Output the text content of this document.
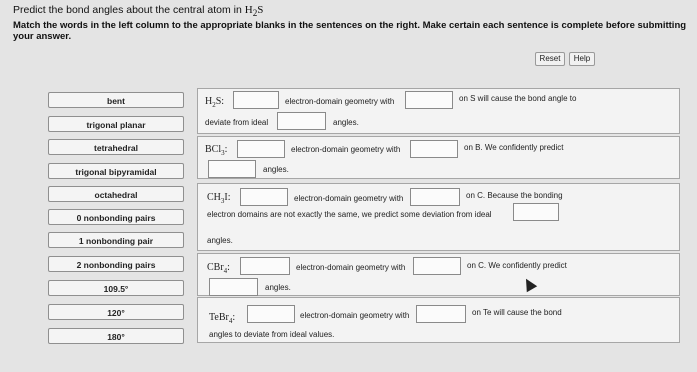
Predict the bond angles about the central atom in $H_2S$
Match the words in the left column to the appropriate blanks in the sentences on the right. Make certain each sentence is complete before submitting your answer.
Reset	Help
bent
trigonal planar
tetrahedral
trigonal bipyramidal
octahedral
0 nonbonding pairs
1 nonbonding pair
2 nonbonding pairs
109.5°
120°
180°
$H_2S$:	electron-domain geometry with	on S will cause the bond angle to
deviate from ideal	angles.
BCl$_3$:	electron-domain geometry with	on B. We confidently predict
angles.
$CH_3I$:	electron-domain geometry with	on C. Because the bonding
electron domains are not exactly the same, we predict some deviation from ideal
angles.
CBr$_4$:	electron-domain geometry with	on C. We confidently predict
angles.
TeBr$_4$:	electron-domain geometry with	on Te will cause the bond
angles to deviate from ideal values.
